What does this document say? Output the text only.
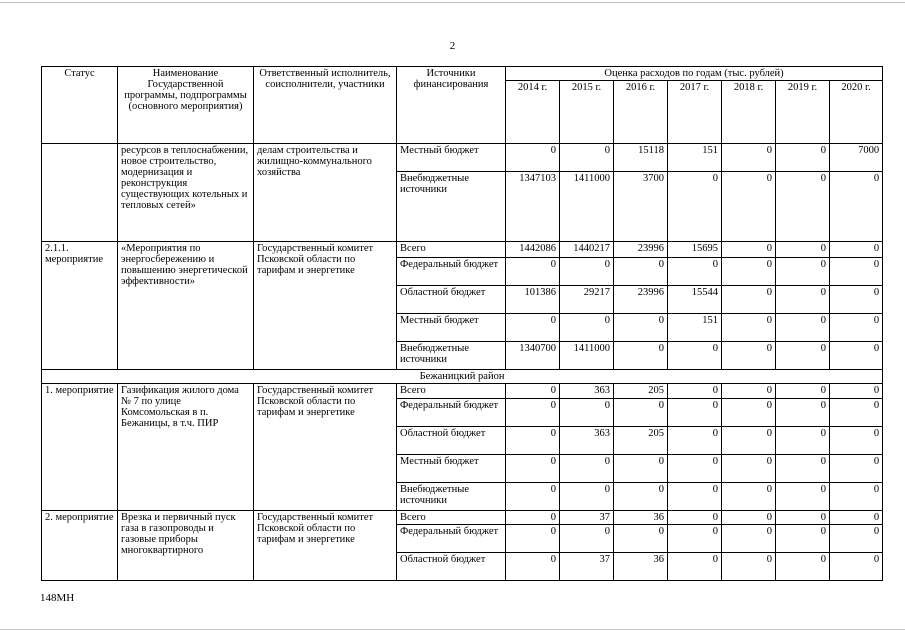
2
Статус	Наименование Государственной программы, подпрограммы (основного мероприятия)	Ответственный исполнитель, соисполнители, участники	Источники финансирования	Оценка расходов по годам (тыс. рублей)						
				2014 г.	2015 г.	2016 г.	2017 г.	2018 г.	2019 г.	2020 г.
	ресурсов в теплоснабжении, новое строительство, модернизация и реконструкция существующих котельных и тепловых сетей»	делам строительства и жилищно-коммунального хозяйства	Местный бюджет	0	0	15118	151	0	0	7000
			Внебюджетные источники	1347103	1411000	3700	0	0	0	0
2.1.1. мероприятие	«Мероприятия по энергосбережению и повышению энергетической эффективности»	Государственный комитет Псковской области по тарифам и энергетике	Всего	1442086	1440217	23996	15695	0	0	0
			Федеральный бюджет	0	0	0	0	0	0	0
			Областной бюджет	101386	29217	23996	15544	0	0	0
			Местный бюджет	0	0	0	151	0	0	0
			Внебюджетные источники	1340700	1411000	0	0	0	0	0
Бежаницкий район										
1. мероприятие	Газификация жилого дома № 7 по улице Комсомольская в п. Бежаницы, в т.ч. ПИР	Государственный комитет Псковской области по тарифам и энергетике	Всего	0	363	205	0	0	0	0
			Федеральный бюджет	0	0	0	0	0	0	0
			Областной бюджет	0	363	205	0	0	0	0
			Местный бюджет	0	0	0	0	0	0	0
			Внебюджетные источники	0	0	0	0	0	0	0
2. мероприятие	Врезка и первичный пуск газа в газопроводы и газовые приборы многоквартирного	Государственный комитет Псковской области по тарифам и энергетике	Всего	0	37	36	0	0	0	0
			Федеральный бюджет	0	0	0	0	0	0	0
			Областной бюджет	0	37	36	0	0	0	0
148МН
